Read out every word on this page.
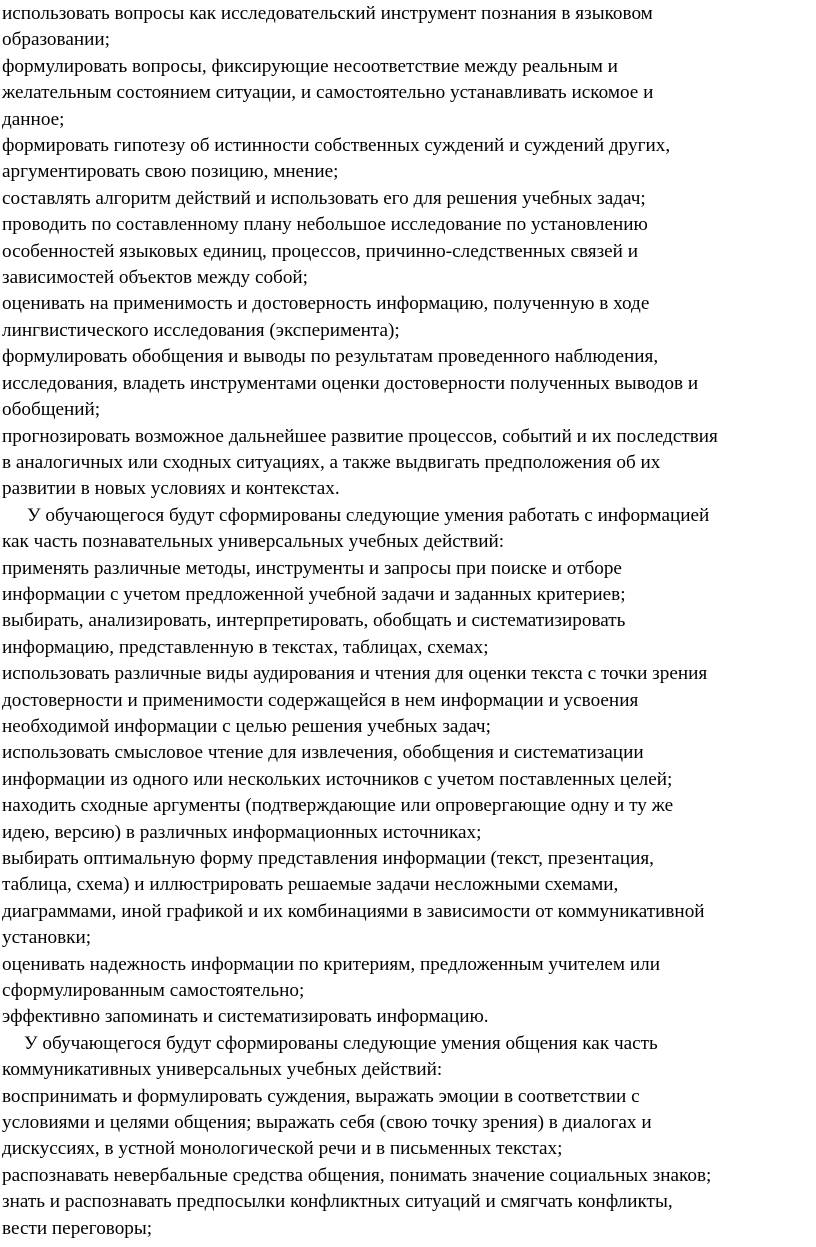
использовать вопросы как исследовательский инструмент познания в языковом

образовании;

формулировать вопросы, фиксирующие несоответствие между реальным и

желательным состоянием ситуации, и самостоятельно устанавливать искомое и

данное;

формировать гипотезу об истинности собственных суждений и суждений других,

аргументировать свою позицию, мнение;

составлять алгоритм действий и использовать его для решения учебных задач;

проводить по составленному плану небольшое исследование по установлению

особенностей языковых единиц, процессов, причинно-следственных связей и

зависимостей объектов между собой;

оценивать на применимость и достоверность информацию, полученную в ходе

лингвистического исследования (эксперимента);

формулировать обобщения и выводы по результатам проведенного наблюдения,

исследования, владеть инструментами оценки достоверности полученных выводов и

обобщений;

прогнозировать возможное дальнейшее развитие процессов, событий и их последствия

в аналогичных или сходных ситуациях, а также выдвигать предположения об их

развитии в новых условиях и контекстах.

У обучающегося будут сформированы следующие умения работать с информацией

как часть познавательных универсальных учебных действий:

применять различные методы, инструменты и запросы при поиске и отборе

информации с учетом предложенной учебной задачи и заданных критериев;

выбирать, анализировать, интерпретировать, обобщать и систематизировать

информацию, представленную в текстах, таблицах, схемах;

использовать различные виды аудирования и чтения для оценки текста с точки зрения

достоверности и применимости содержащейся в нем информации и усвоения

необходимой информации с целью решения учебных задач;

использовать смысловое чтение для извлечения, обобщения и систематизации

информации из одного или нескольких источников с учетом поставленных целей;

находить сходные аргументы (подтверждающие или опровергающие одну и ту же

идею, версию) в различных информационных источниках;

выбирать оптимальную форму представления информации (текст, презентация,

таблица, схема) и иллюстрировать решаемые задачи несложными схемами,

диаграммами, иной графикой и их комбинациями в зависимости от коммуникативной

установки;

оценивать надежность информации по критериям, предложенным учителем или

сформулированным самостоятельно;

эффективно запоминать и систематизировать информацию.

У обучающегося будут сформированы следующие умения общения как часть

коммуникативных универсальных учебных действий:

воспринимать и формулировать суждения, выражать эмоции в соответствии с

условиями и целями общения; выражать себя (свою точку зрения) в диалогах и

дискуссиях, в устной монологической речи и в письменных текстах;

распознавать невербальные средства общения, понимать значение социальных знаков;

знать и распознавать предпосылки конфликтных ситуаций и смягчать конфликты,

вести переговоры;
